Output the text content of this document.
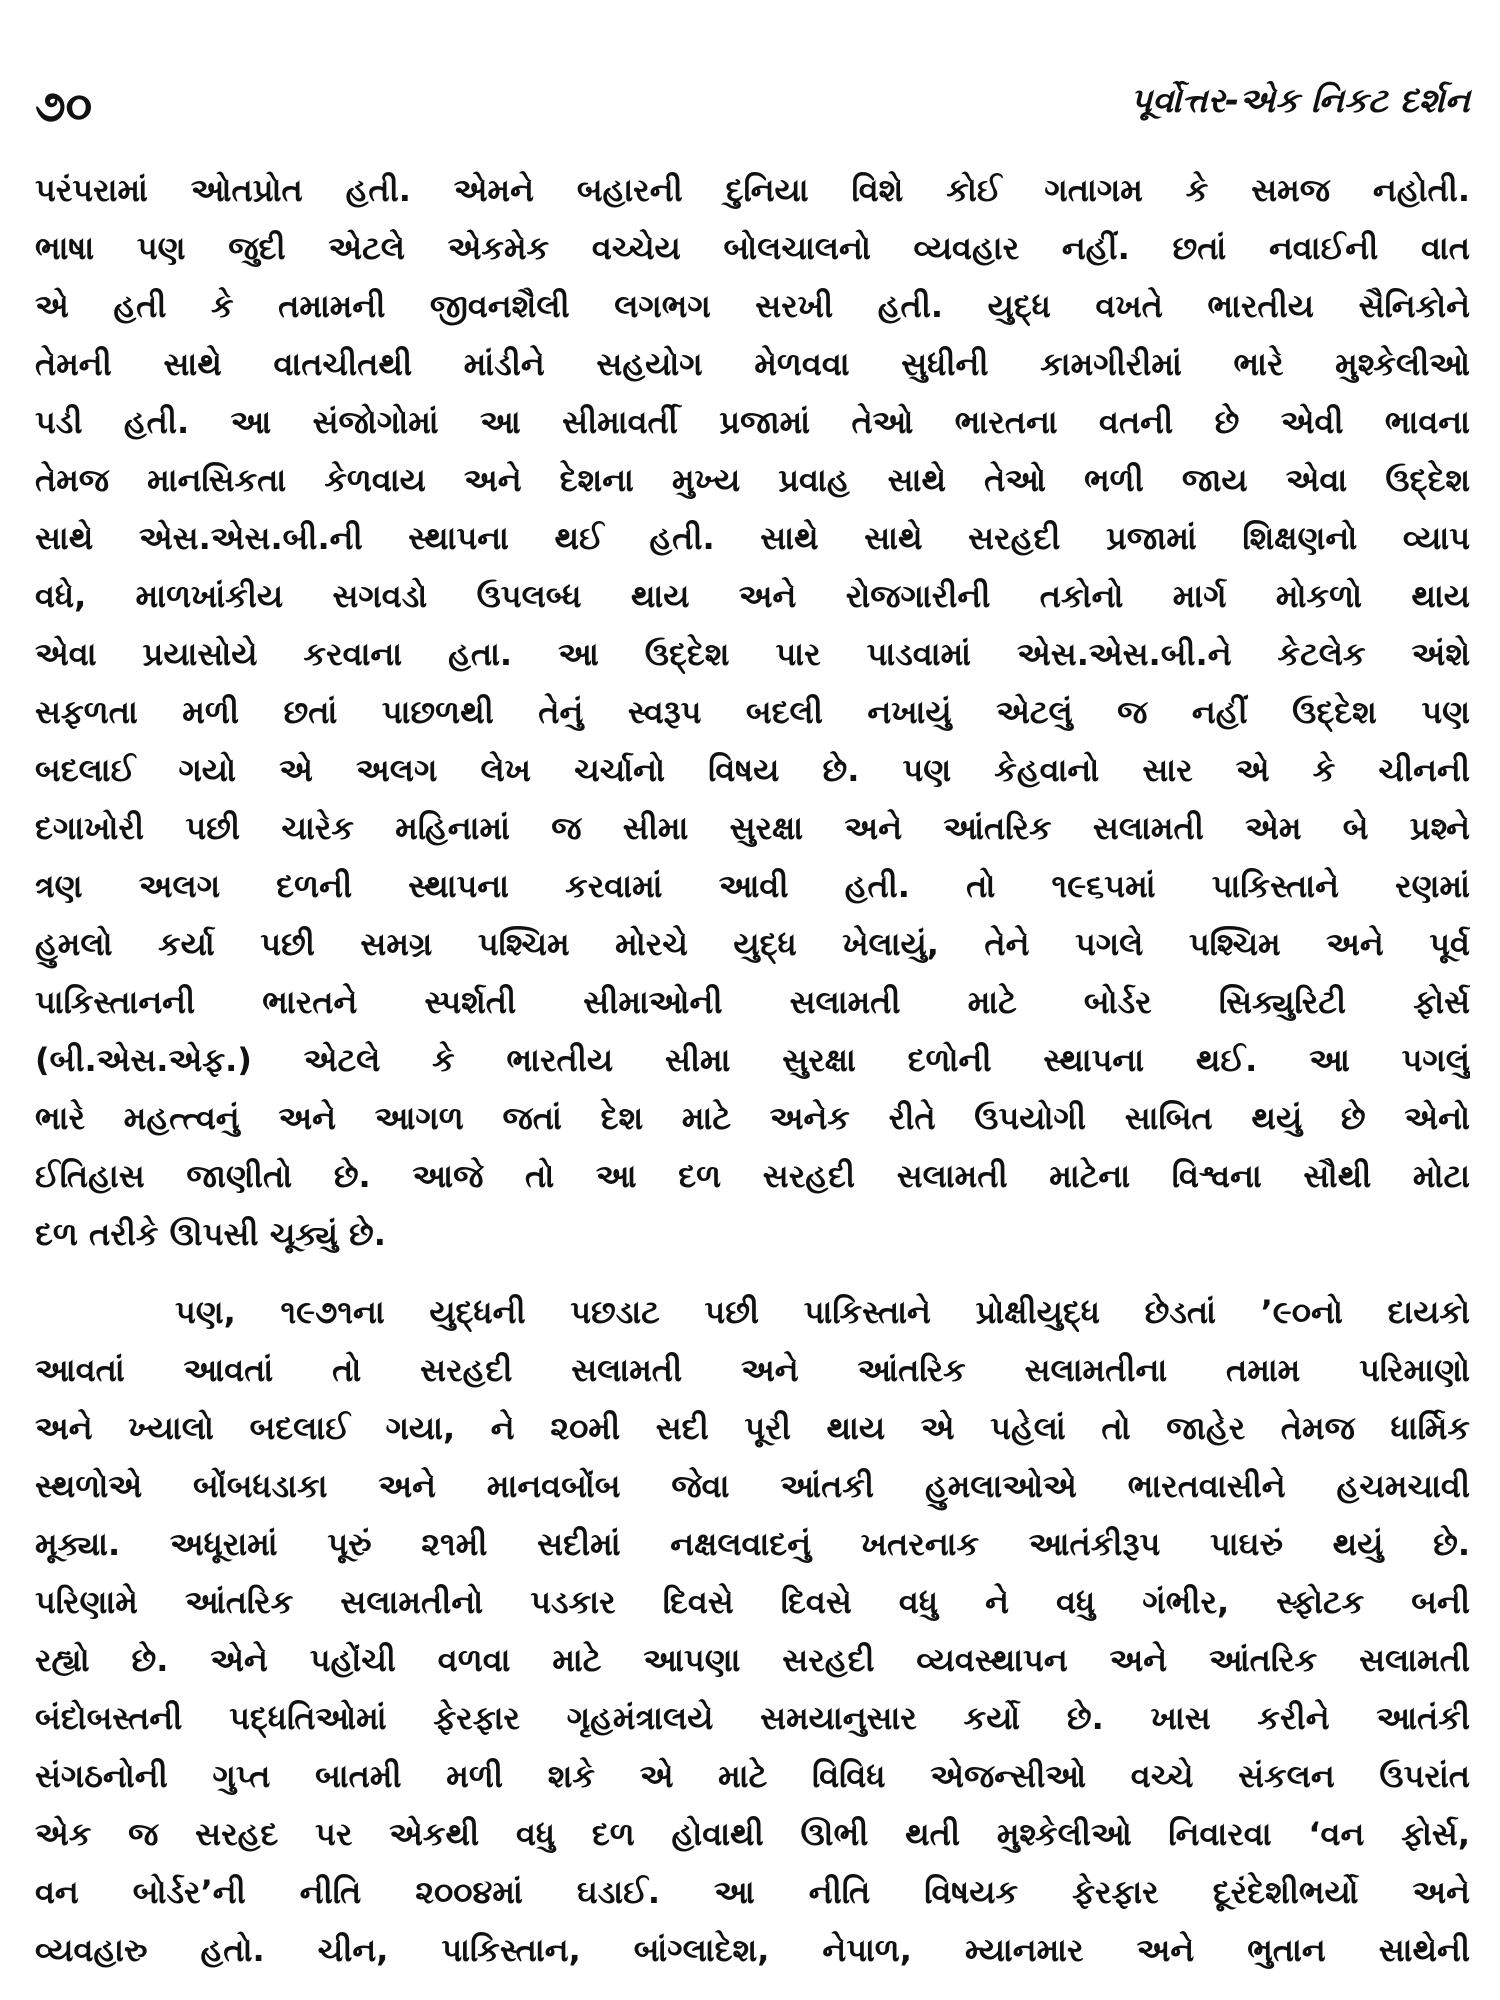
૭૦	પૂર્વોત્તર-એક નિકટ દર્શન
પરંપરામાં ઓતપ્રોત હતી. એમને બહારની દુનિયા વિશે કોઈ ગતાગમ કે સમજ નહોતી.
ભાષા પણ જુદી એટલે એકમેક વચ્ચેય બોલચાલનો વ્યવહાર નહીં. છતાં નવાઈની વાત
એ હતી કે તમામની જીવનશૈલી લગભગ સરખી હતી. યુદ્ધ વખતે ભારતીય સૈનિકોને
તેમની સાથે વાતચીતથી માંડીને સહયોગ મેળવવા સુધીની કામગીરીમાં ભારે મુશ્કેલીઓ
પડી હતી. આ સંજોગોમાં આ સીમાવર્તી પ્રજામાં તેઓ ભારતના વતની છે એવી ભાવના
તેમજ માનસિકતા કેળવાય અને દેશના મુખ્ય પ્રવાહ સાથે તેઓ ભળી જાય એવા ઉદ્દેશ
સાથે એસ.એસ.બી.ની સ્થાપના થઈ હતી. સાથે સાથે સરહદી પ્રજામાં શિક્ષણનો વ્યાપ
વધે, માળખાંકીય સગવડો ઉપલબ્ધ થાય અને રોજગારીની તકોનો માર્ગ મોકળો થાય
એવા પ્રયાસોયે કરવાના હતા. આ ઉદ્દેશ પાર પાડવામાં એસ.એસ.બી.ને કેટલેક અંશે
સફળતા મળી છતાં પાછળથી તેનું સ્વરૂપ બદલી નખાયું એટલું જ નહીં ઉદ્દેશ પણ
બદલાઈ ગયો એ અલગ લેખ ચર્ચાનો વિષય છે. પણ કેહવાનો સાર એ કે ચીનની
દગાખોરી પછી ચારેક મહિનામાં જ સીમા સુરક્ષા અને આંતરિક સલામતી એમ બે પ્રશ્ને
ત્રણ અલગ દળની સ્થાપના કરવામાં આવી હતી. તો ૧૯૬૫માં પાકિસ્તાને રણમાં
હુમલો કર્યા પછી સમગ્ર પશ્ચિમ મોરચે યુદ્ધ ખેલાયું, તેને પગલે પશ્ચિમ અને પૂર્વ
પાકિસ્તાનની ભારતને સ્પર્શતી સીમાઓની સલામતી માટે બોર્ડર સિક્યુરિટી ફોર્સ
(બી.એસ.એફ.) એટલે કે ભારતીય સીમા સુરક્ષા દળોની સ્થાપના થઈ. આ પગલું
ભારે મહત્ત્વનું અને આગળ જતાં દેશ માટે અનેક રીતે ઉપયોગી સાબિત થયું છે એનો
ઈતિહાસ જાણીતો છે. આજે તો આ દળ સરહદી સલામતી માટેના વિશ્વના સૌથી મોટા
દળ તરીકે ઊપસી ચૂક્યું છે.
પણ, ૧૯૭૧ના યુદ્ધની પછડાટ પછી પાકિસ્તાને પ્રોક્ષીયુદ્ધ છેડતાં ’૯૦નો દાયકો
આવતાં આવતાં તો સરહદી સલામતી અને આંતરિક સલામતીના તમામ પરિમાણો
અને ખ્યાલો બદલાઈ ગયા, ને ૨૦મી સદી પૂરી થાય એ પહેલાં તો જાહેર તેમજ ધાર્મિક
સ્થળોએ બોંબધડાકા અને માનવબોંબ જેવા આંતકી હુમલાઓએ ભારતવાસીને હચમચાવી
મૂક્યા. અધૂરામાં પૂરું ૨૧મી સદીમાં નક્ષલવાદનું ખતરનાક આતંકીરૂપ પાઘરું થયું છે.
પરિણામે આંતરિક સલામતીનો પડકાર દિવસે દિવસે વધુ ને વધુ ગંભીર, સ્ફોટક બની
રહ્યો છે. એને પહોંચી વળવા માટે આપણા સરહદી વ્યવસ્થાપન અને આંતરિક સલામતી
બંદોબસ્તની પદ્ધતિઓમાં ફેરફાર ગૃહમંત્રાલયે સમયાનુસાર કર્યો છે. ખાસ કરીને આતંકી
સંગઠનોની ગુપ્ત બાતમી મળી શકે એ માટે વિવિધ એજન્સીઓ વચ્ચે સંકલન ઉપરાંત
એક જ સરહદ પર એકથી વધુ દળ હોવાથી ઊભી થતી મુશ્કેલીઓ નિવારવા ‘વન ફોર્સ,
વન બોર્ડર’ની નીતિ ૨૦૦૪માં ઘડાઈ. આ નીતિ વિષયક ફેરફાર દૂરંદેશીભર્યો અને
વ્યવહારુ હતો. ચીન, પાકિસ્તાન, બાંગ્લાદેશ, નેપાળ, મ્યાનમાર અને ભુતાન સાથેની
